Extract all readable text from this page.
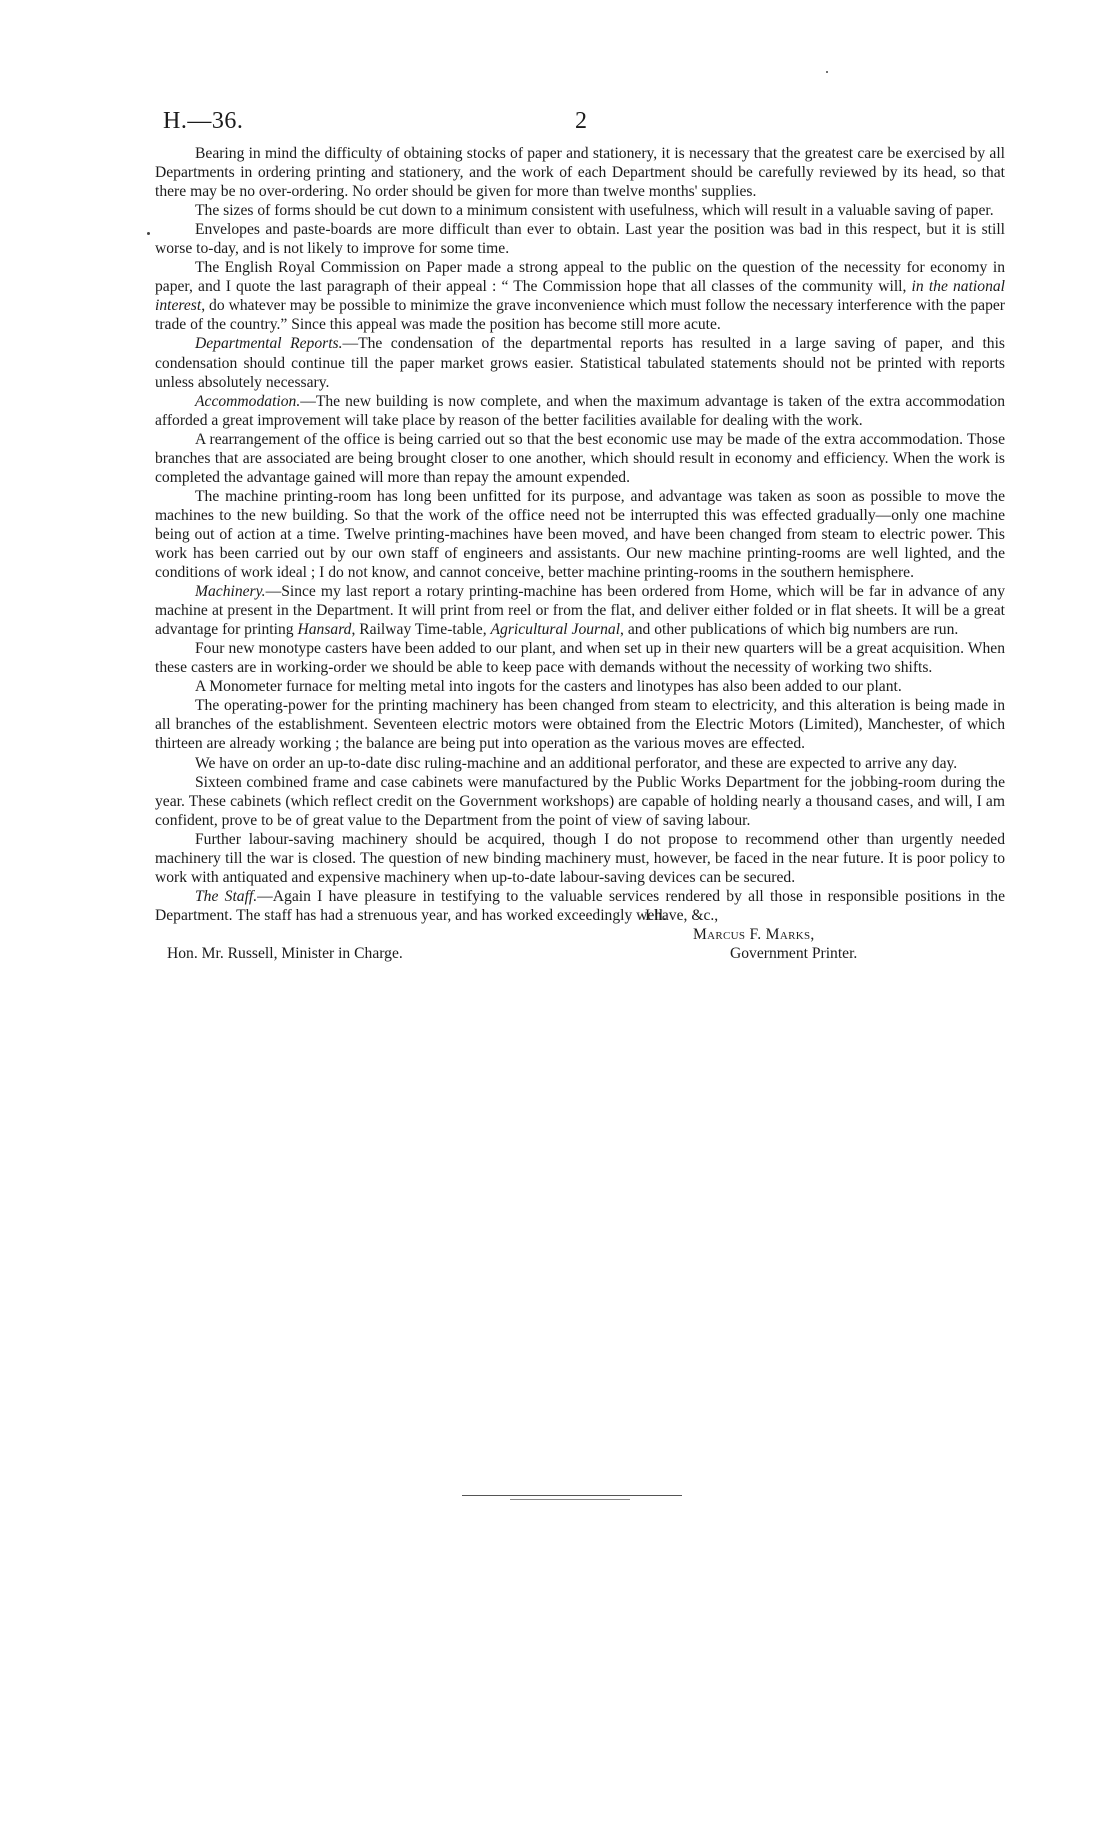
H.—36.	2

Bearing in mind the difficulty of obtaining stocks of paper and stationery, it is necessary that the greatest care be exercised by all Departments in ordering printing and stationery, and the work of each Department should be carefully reviewed by its head, so that there may be no over-ordering. No order should be given for more than twelve months' supplies.

The sizes of forms should be cut down to a minimum consistent with usefulness, which will result in a valuable saving of paper.

Envelopes and paste-boards are more difficult than ever to obtain. Last year the position was bad in this respect, but it is still worse to-day, and is not likely to improve for some time.

The English Royal Commission on Paper made a strong appeal to the public on the question of the necessity for economy in paper, and I quote the last paragraph of their appeal : “ The Commission hope that all classes of the community will, in the national interest, do whatever may be possible to minimize the grave inconvenience which must follow the necessary interference with the paper trade of the country.” Since this appeal was made the position has become still more acute.

Departmental Reports.—The condensation of the departmental reports has resulted in a large saving of paper, and this condensation should continue till the paper market grows easier. Statistical tabulated statements should not be printed with reports unless absolutely necessary.

Accommodation.—The new building is now complete, and when the maximum advantage is taken of the extra accommodation afforded a great improvement will take place by reason of the better facilities available for dealing with the work.

A rearrangement of the office is being carried out so that the best economic use may be made of the extra accommodation. Those branches that are associated are being brought closer to one another, which should result in economy and efficiency. When the work is completed the advantage gained will more than repay the amount expended.

The machine printing-room has long been unfitted for its purpose, and advantage was taken as soon as possible to move the machines to the new building. So that the work of the office need not be interrupted this was effected gradually—only one machine being out of action at a time. Twelve printing-machines have been moved, and have been changed from steam to electric power. This work has been carried out by our own staff of engineers and assistants. Our new machine printing-rooms are well lighted, and the conditions of work ideal ; I do not know, and cannot conceive, better machine printing-rooms in the southern hemisphere.

Machinery.—Since my last report a rotary printing-machine has been ordered from Home, which will be far in advance of any machine at present in the Department. It will print from reel or from the flat, and deliver either folded or in flat sheets. It will be a great advantage for printing Hansard, Railway Time-table, Agricultural Journal, and other publications of which big numbers are run.

Four new monotype casters have been added to our plant, and when set up in their new quarters will be a great acquisition. When these casters are in working-order we should be able to keep pace with demands without the necessity of working two shifts.

A Monometer furnace for melting metal into ingots for the casters and linotypes has also been added to our plant.

The operating-power for the printing machinery has been changed from steam to electricity, and this alteration is being made in all branches of the establishment. Seventeen electric motors were obtained from the Electric Motors (Limited), Manchester, of which thirteen are already working ; the balance are being put into operation as the various moves are effected.

We have on order an up-to-date disc ruling-machine and an additional perforator, and these are expected to arrive any day.

Sixteen combined frame and case cabinets were manufactured by the Public Works Department for the jobbing-room during the year. These cabinets (which reflect credit on the Government workshops) are capable of holding nearly a thousand cases, and will, I am confident, prove to be of great value to the Department from the point of view of saving labour.

Further labour-saving machinery should be acquired, though I do not propose to recommend other than urgently needed machinery till the war is closed. The question of new binding machinery must, however, be faced in the near future. It is poor policy to work with antiquated and expensive machinery when up-to-date labour-saving devices can be secured.

The Staff.—Again I have pleasure in testifying to the valuable services rendered by all those in responsible positions in the Department. The staff has had a strenuous year, and has worked exceedingly well.

I have, &c.,
Marcus F. Marks,
Government Printer.
Hon. Mr. Russell, Minister in Charge.
